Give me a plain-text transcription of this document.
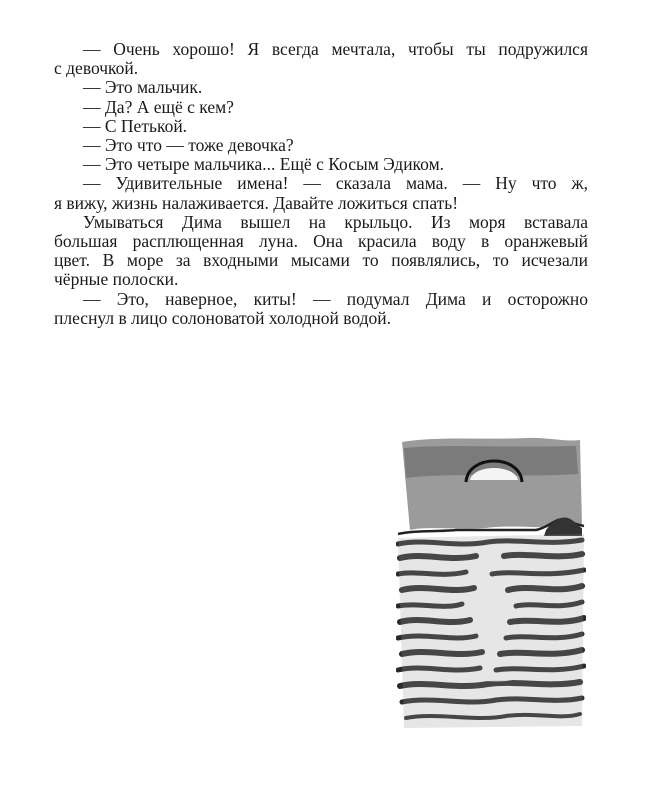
— Очень хорошо! Я всегда мечтала, чтобы ты подружился
с девочкой.

— Это мальчик.

— Да? А ещё с кем?

— С Петькой.

— Это что — тоже девочка?

— Это четыре мальчика... Ещё с Косым Эдиком.

— Удивительные имена! — сказала мама. — Ну что ж,
я вижу, жизнь налаживается. Давайте ложиться спать!

Умываться Дима вышел на крыльцо. Из моря вставала
большая расплющенная луна. Она красила воду в оранжевый
цвет. В море за входными мысами то появлялись, то исчезали
чёрные полоски.

— Это, наверное, киты! — подумал Дима и осторожно
плеснул в лицо солоноватой холодной водой.
